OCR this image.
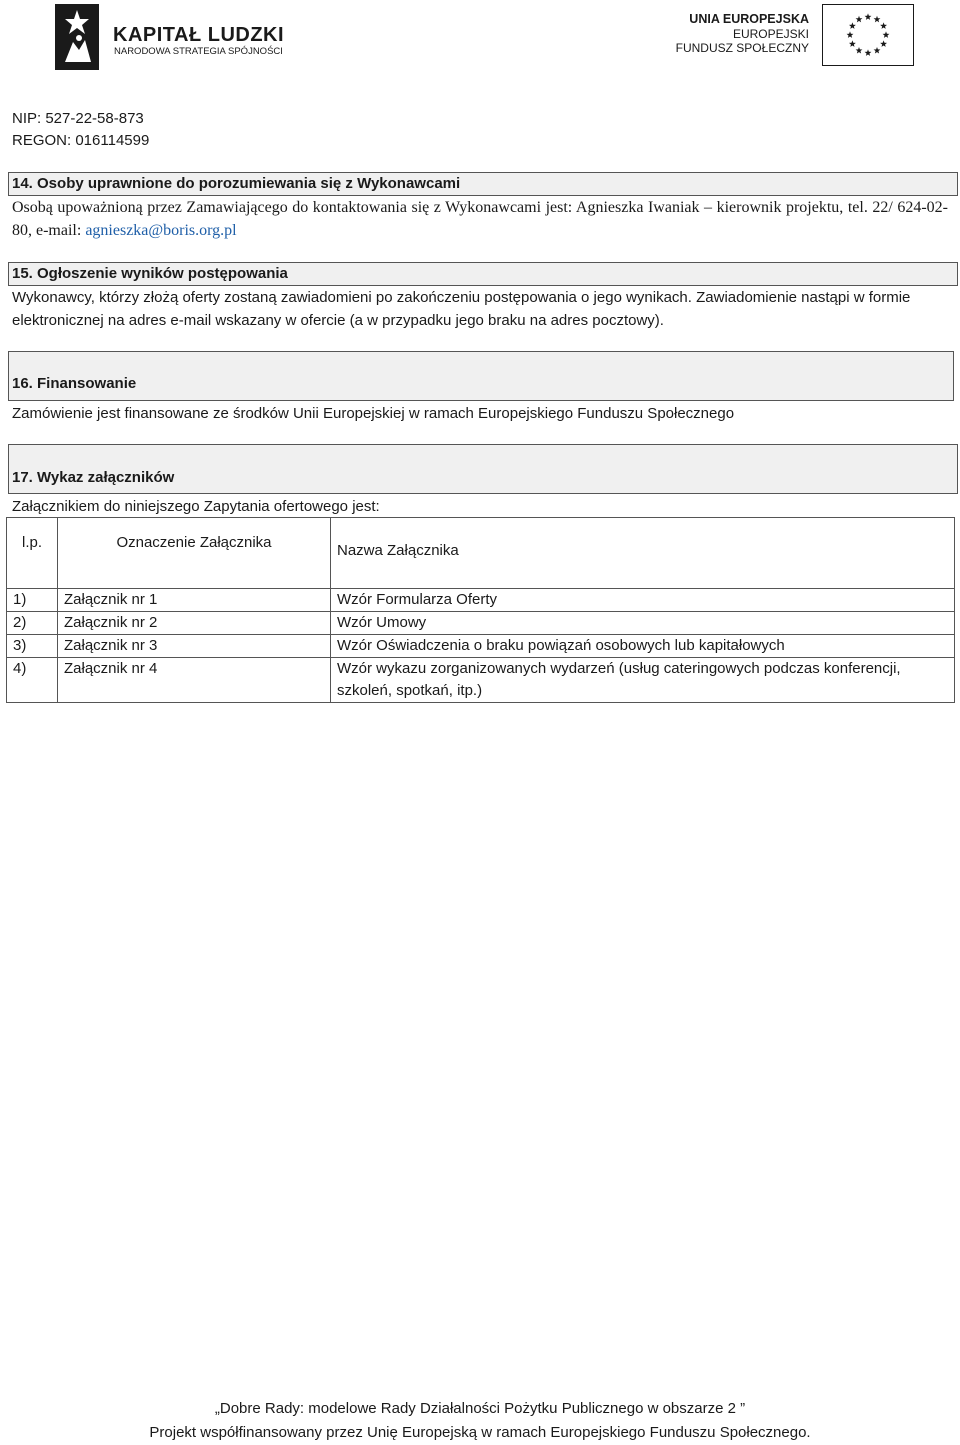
KAPITAŁ LUDZKI
NARODOWA STRATEGIA SPÓJNOŚCI
UNIA EUROPEJSKA
EUROPEJSKI
FUNDUSZ SPOŁECZNY
NIP: 527-22-58-873
REGON: 016114599
14. Osoby uprawnione do porozumiewania się z Wykonawcami
Osobą upoważnioną przez Zamawiającego do kontaktowania się z Wykonawcami jest: Agnieszka Iwaniak – kierownik projektu, tel. 22/ 624-02-80, e-mail: agnieszka@boris.org.pl
15. Ogłoszenie wyników postępowania
Wykonawcy, którzy złożą oferty zostaną zawiadomieni po zakończeniu postępowania o jego wynikach. Zawiadomienie nastąpi w formie elektronicznej na adres e-mail wskazany w ofercie (a w przypadku jego braku na adres pocztowy).
16. Finansowanie
Zamówienie jest finansowane ze środków Unii Europejskiej w ramach Europejskiego Funduszu Społecznego
17. Wykaz załączników
Załącznikiem do niniejszego Zapytania ofertowego jest:
l.p.	Oznaczenie Załącznika	Nazwa Załącznika
1)	Załącznik nr 1	Wzór Formularza Oferty
2)	Załącznik nr 2	Wzór Umowy
3)	Załącznik nr 3	Wzór Oświadczenia o braku powiązań osobowych lub kapitałowych
4)	Załącznik nr 4	Wzór wykazu zorganizowanych wydarzeń (usług cateringowych podczas konferencji, szkoleń, spotkań, itp.)
„Dobre Rady: modelowe Rady Działalności Pożytku Publicznego w obszarze 2 ”
Projekt współfinansowany przez Unię Europejską w ramach Europejskiego Funduszu Społecznego.
